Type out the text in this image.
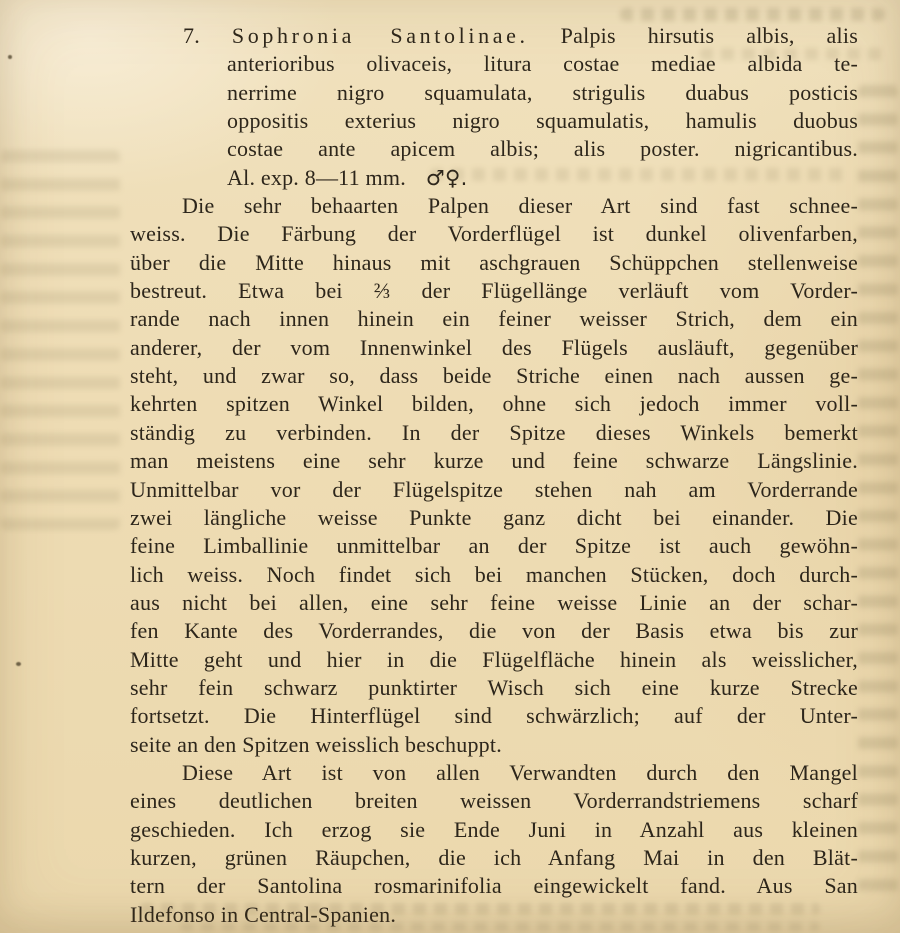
7. Sophronia Santolinae. Palpis hirsutis albis, alis
anterioribus olivaceis, litura costae mediae albida te-
nerrime nigro squamulata, strigulis duabus posticis
oppositis exterius nigro squamulatis, hamulis duobus
costae ante apicem albis; alis poster. nigricantibus.
Al. exp. 8—11 mm. ♂♀.
Die sehr behaarten Palpen dieser Art sind fast schnee-
weiss. Die Färbung der Vorderflügel ist dunkel olivenfarben,
über die Mitte hinaus mit aschgrauen Schüppchen stellenweise
bestreut. Etwa bei ⅔ der Flügellänge verläuft vom Vorder-
rande nach innen hinein ein feiner weisser Strich, dem ein
anderer, der vom Innenwinkel des Flügels ausläuft, gegenüber
steht, und zwar so, dass beide Striche einen nach aussen ge-
kehrten spitzen Winkel bilden, ohne sich jedoch immer voll-
ständig zu verbinden. In der Spitze dieses Winkels bemerkt
man meistens eine sehr kurze und feine schwarze Längslinie.
Unmittelbar vor der Flügelspitze stehen nah am Vorderrande
zwei längliche weisse Punkte ganz dicht bei einander. Die
feine Limballinie unmittelbar an der Spitze ist auch gewöhn-
lich weiss. Noch findet sich bei manchen Stücken, doch durch-
aus nicht bei allen, eine sehr feine weisse Linie an der schar-
fen Kante des Vorderrandes, die von der Basis etwa bis zur
Mitte geht und hier in die Flügelfläche hinein als weisslicher,
sehr fein schwarz punktirter Wisch sich eine kurze Strecke
fortsetzt. Die Hinterflügel sind schwärzlich; auf der Unter-
seite an den Spitzen weisslich beschuppt.
Diese Art ist von allen Verwandten durch den Mangel
eines deutlichen breiten weissen Vorderrandstriemens scharf
geschieden. Ich erzog sie Ende Juni in Anzahl aus kleinen
kurzen, grünen Räupchen, die ich Anfang Mai in den Blät-
tern der Santolina rosmarinifolia eingewickelt fand. Aus San
Ildefonso in Central-Spanien.
